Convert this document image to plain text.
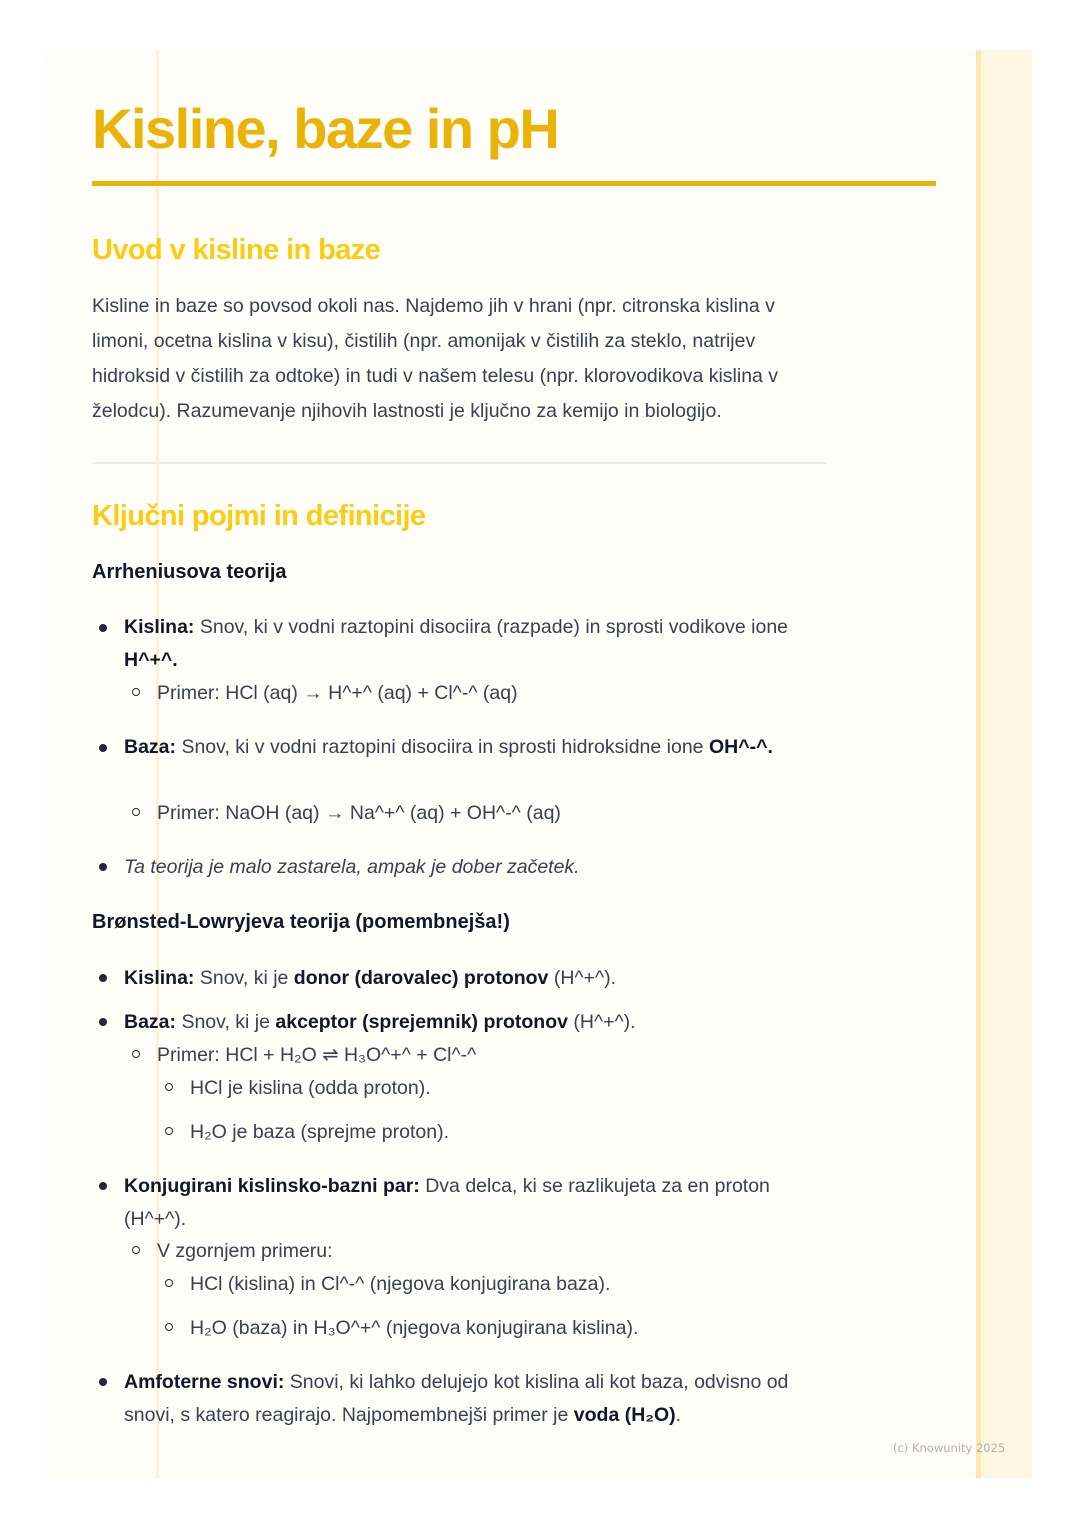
Kisline, baze in pH
Uvod v kisline in baze

Kisline in baze so povsod okoli nas. Najdemo jih v hrani (npr. citronska kislina v limoni, ocetna kislina v kisu), čistilih (npr. amonijak v čistilih za steklo, natrijev hidroksid v čistilih za odtoke) in tudi v našem telesu (npr. klorovodikova kislina v želodcu). Razumevanje njihovih lastnosti je ključno za kemijo in biologijo.

Ključni pojmi in definicije
Arrheniusova teorija
Kislina: Snov, ki v vodni raztopini disociira (razpade) in sprosti vodikove ione
H^+^.
Primer: HCl (aq) → H^+^ (aq) + Cl^-^ (aq)
Baza: Snov, ki v vodni raztopini disociira in sprosti hidroksidne ione OH^-^.
Primer: NaOH (aq) → Na^+^ (aq) + OH^-^ (aq)
Ta teorija je malo zastarela, ampak je dober začetek.
Brønsted-Lowryjeva teorija (pomembnejša!)
Kislina: Snov, ki je donor (darovalec) protonov (H^+^).
Baza: Snov, ki je akceptor (sprejemnik) protonov (H^+^).
Primer: HCl + H₂O ⇌ H₃O^+^ + Cl^-^
HCl je kislina (odda proton).
H₂O je baza (sprejme proton).
Konjugirani kislinsko-bazni par: Dva delca, ki se razlikujeta za en proton (H^+^).
V zgornjem primeru:
HCl (kislina) in Cl^-^ (njegova konjugirana baza).
H₂O (baza) in H₃O^+^ (njegova konjugirana kislina).
Amfoterne snovi: Snovi, ki lahko delujejo kot kislina ali kot baza, odvisno od snovi, s katero reagirajo. Najpomembnejši primer je voda (H₂O).
(c) Knowunity 2025
